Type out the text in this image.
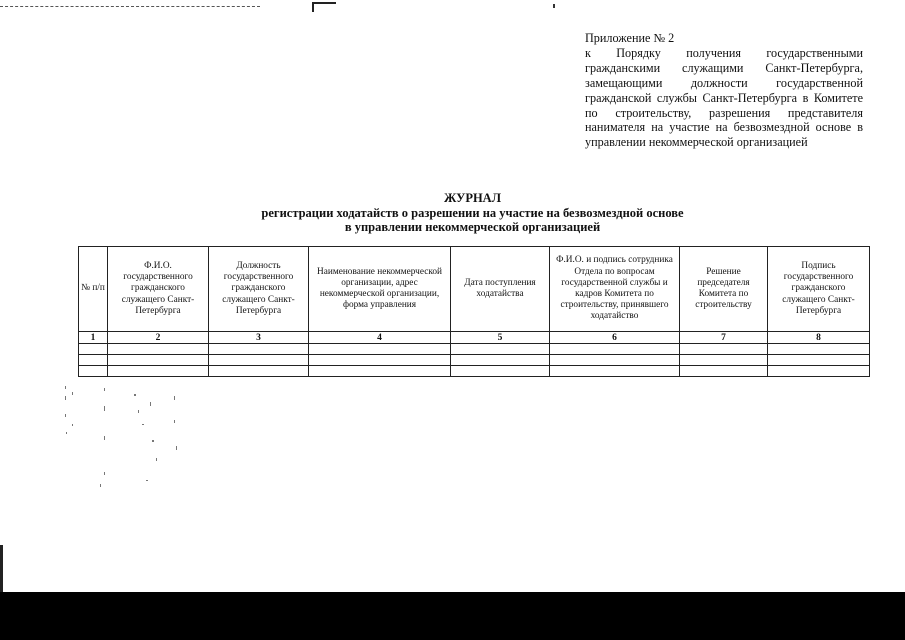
Приложение № 2
к Порядку получения государственными гражданскими служащими Санкт-Петербурга, замещающими должности государственной гражданской службы Санкт-Петербурга в Комитете по строительству, разрешения представителя нанимателя на участие на безвозмездной основе в управлении некоммерческой организацией
ЖУРНАЛ
регистрации ходатайств о разрешении на участие на безвозмездной основе
в управлении некоммерческой организацией
№ п/п	Ф.И.О. государственного гражданского служащего Санкт-Петербурга	Должность государственного гражданского служащего Санкт-Петербурга	Наименование некоммерческой организации, адрес некоммерческой организации, форма управления	Дата поступления ходатайства	Ф.И.О. и подпись сотрудника Отдела по вопросам государственной службы и кадров Комитета по строительству, принявшего ходатайство	Решение председателя Комитета по строительству	Подпись государственного гражданского служащего Санкт-Петербурга
1	2	3	4	5	6	7	8
